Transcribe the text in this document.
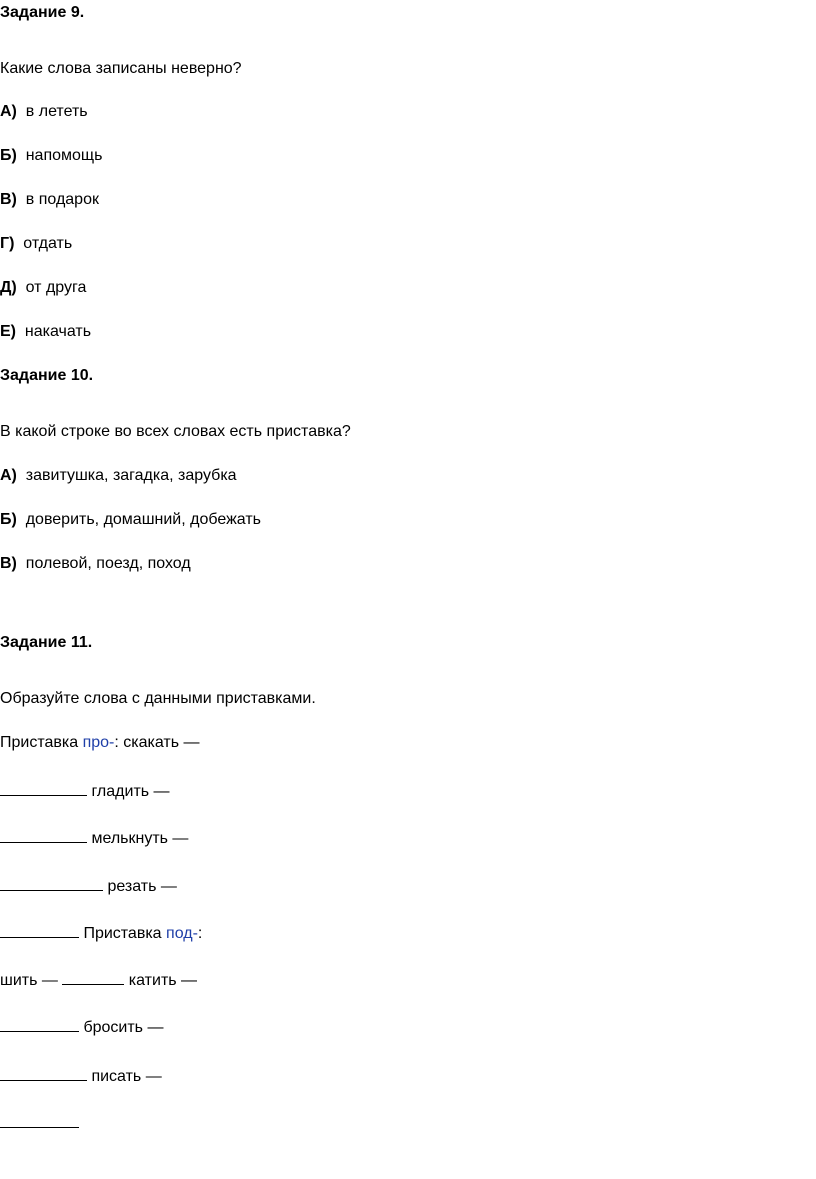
Задание 9.
Какие слова записаны неверно?
А) в лететь
Б) напомощь
В) в подарок
Г) отдать
Д) от друга
Е) накачать
Задание 10.
В какой строке во всех словах есть приставка?
А) завитушка, загадка, зарубка
Б) доверить, домашний, добежать
В) полевой, поезд, поход
Задание 11.
Образуйте слова с данными приставками.
Приставка про-: скакать —
гладить —
мелькнуть —
резать —
Приставка под-:
шить —	катить —
бросить —
писать —
